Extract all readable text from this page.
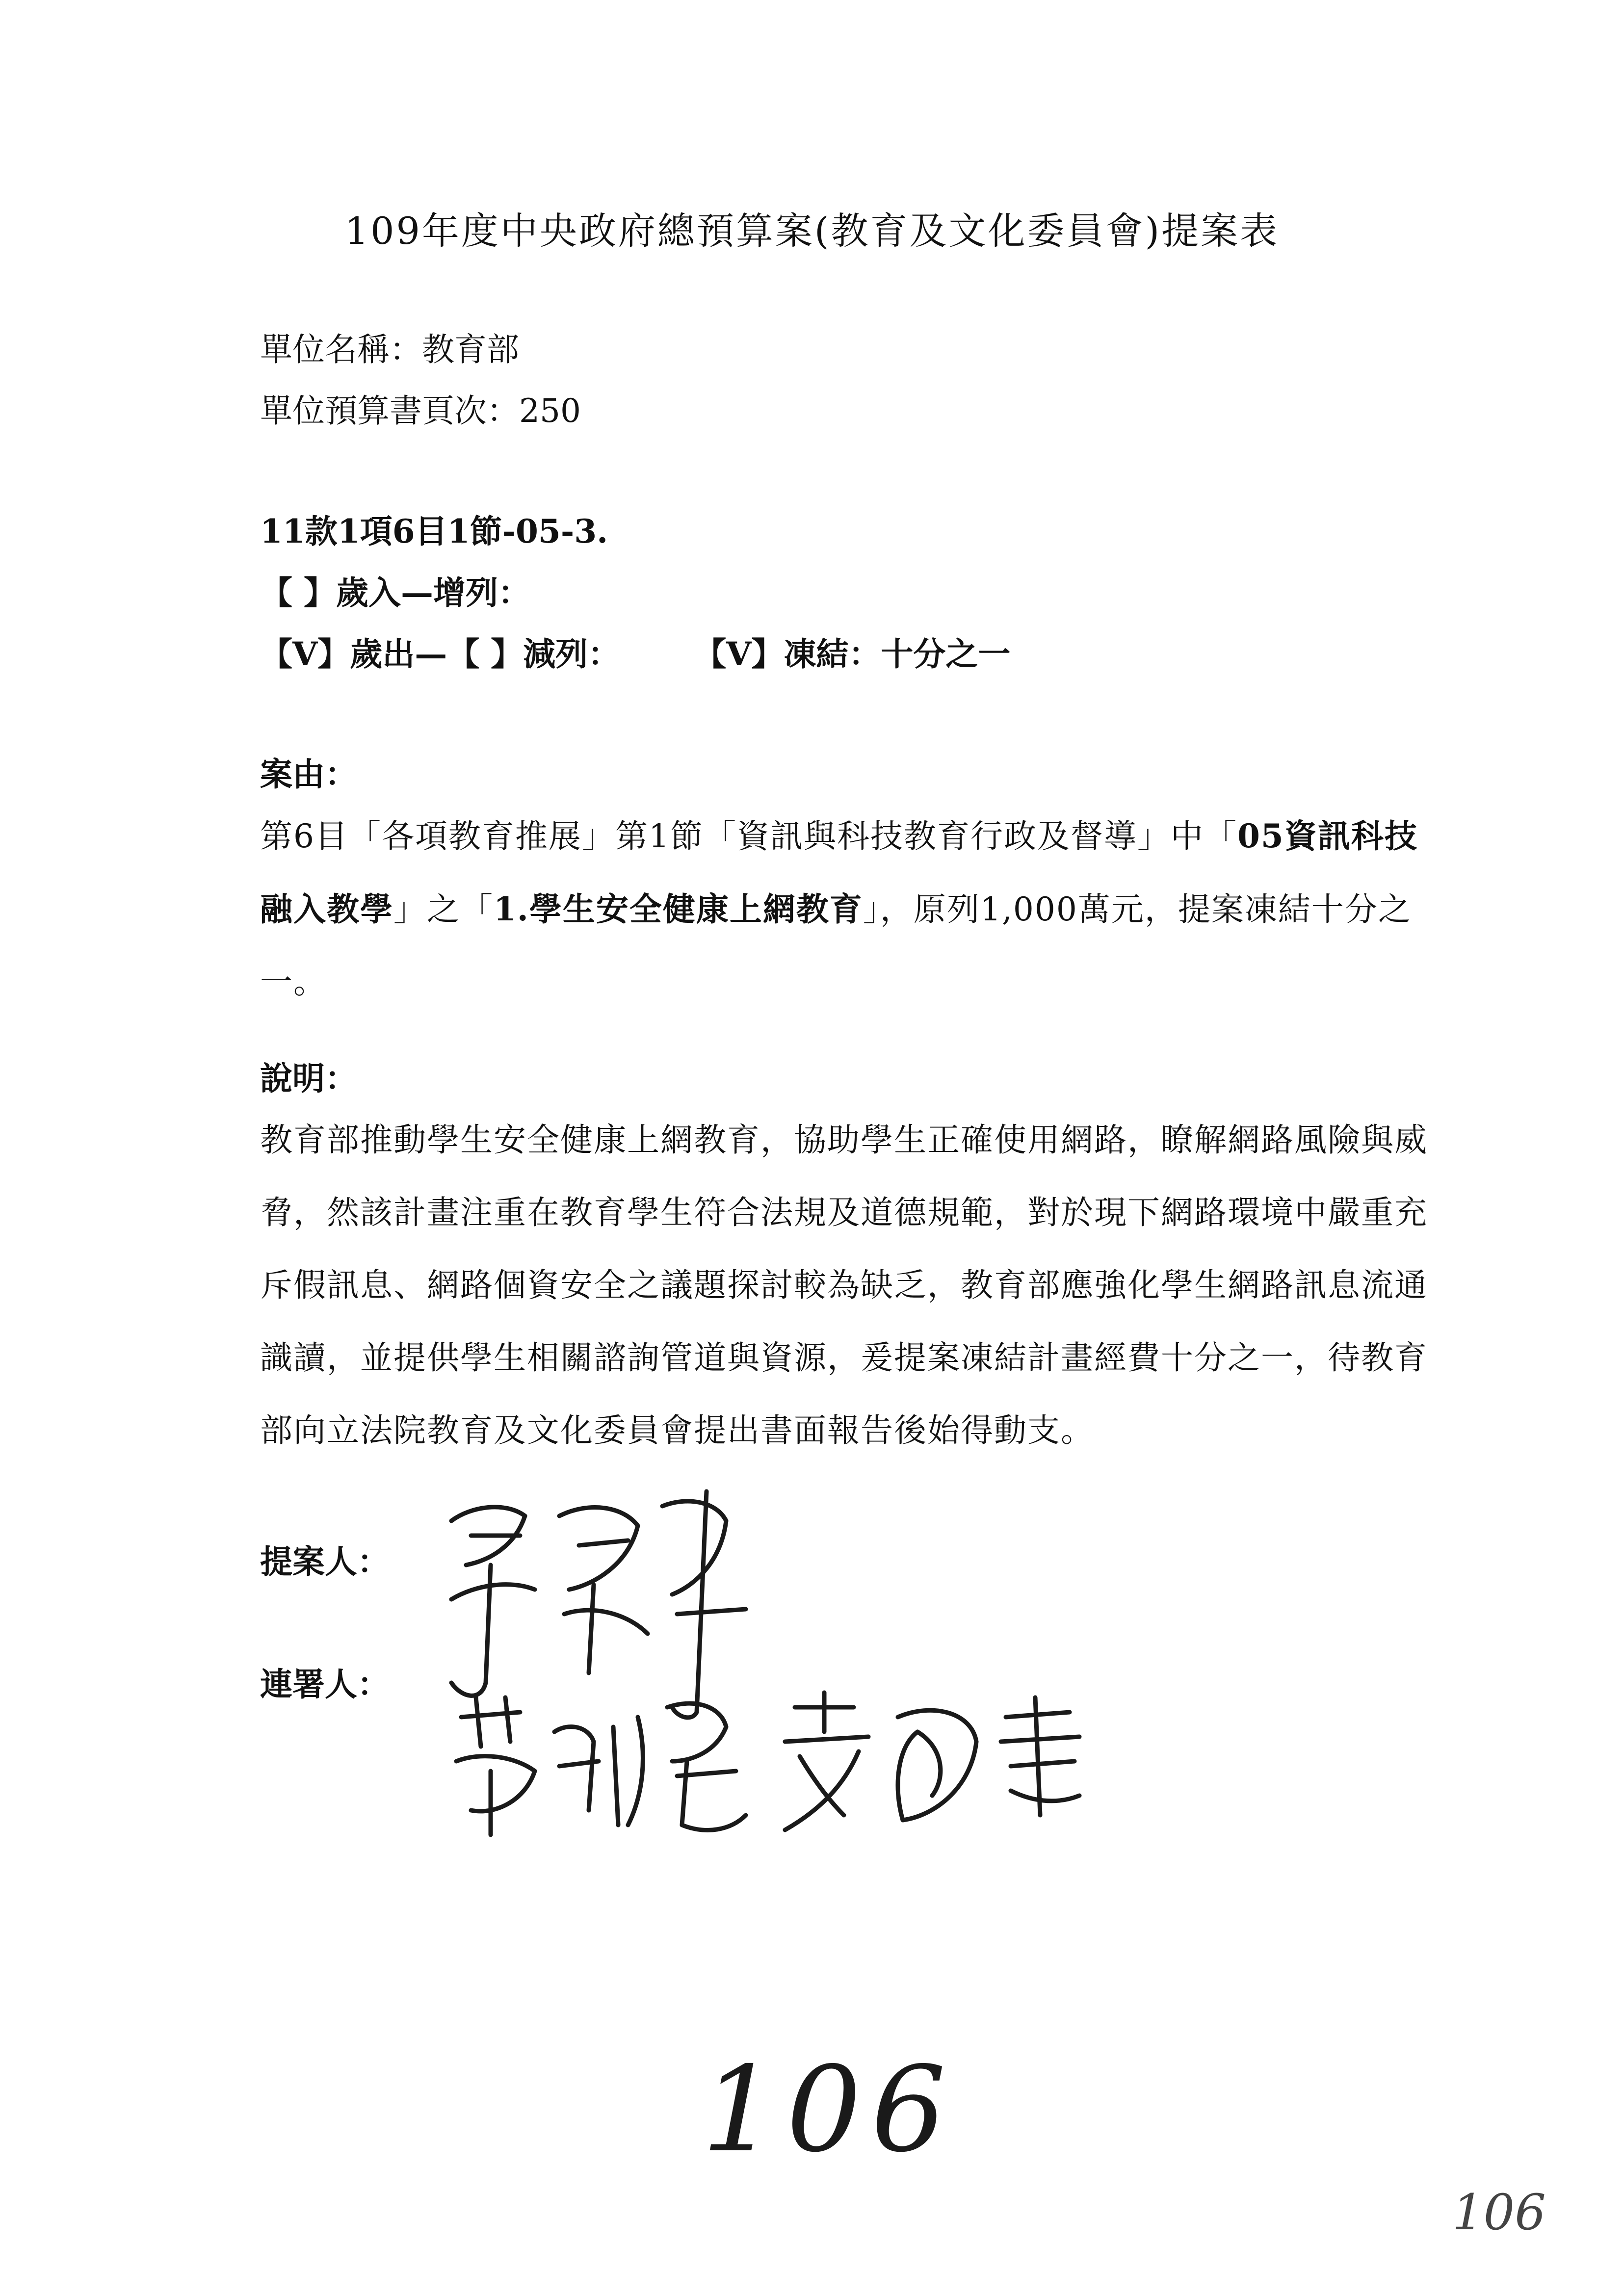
109年度中央政府總預算案(教育及文化委員會)提案表
單位名稱：教育部
單位預算書頁次：250
11款1項6目1節-05-3.
【 】歲入—增列：
【V】歲出—【 】減列： 【V】凍結：十分之一
案由：
第6目「各項教育推展」第1節「資訊與科技教育行政及督導」中「05資訊科技融入教學」之「1.學生安全健康上網教育」，原列1,000萬元，提案凍結十分之一。
說明：
教育部推動學生安全健康上網教育，協助學生正確使用網路，瞭解網路風險與威脅，然該計畫注重在教育學生符合法規及道德規範，對於現下網路環境中嚴重充斥假訊息、網路個資安全之議題探討較為缺乏，教育部應強化學生網路訊息流通識讀，並提供學生相關諮詢管道與資源，爰提案凍結計畫經費十分之一，待教育部向立法院教育及文化委員會提出書面報告後始得動支。
提案人：
連署人：
106
106
